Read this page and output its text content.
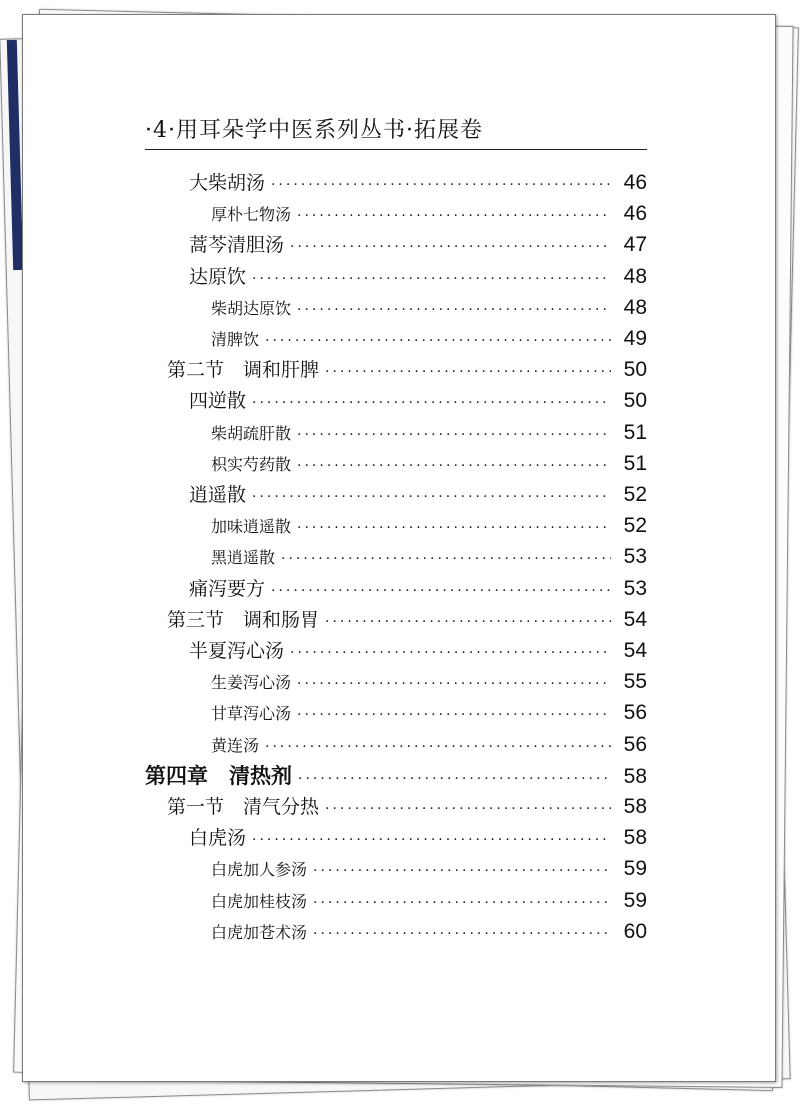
·4·用耳朵学中医系列丛书·拓展卷
大柴胡汤 ·····	46
厚朴七物汤 ·····	46
蒿芩清胆汤 ·····	47
达原饮 ·····	48
柴胡达原饮 ·····	48
清脾饮 ·····	49
第二节　调和肝脾 ·····	50
四逆散 ·····	50
柴胡疏肝散 ·····	51
枳实芍药散 ·····	51
逍遥散 ·····	52
加味逍遥散 ·····	52
黑逍遥散 ·····	53
痛泻要方 ·····	53
第三节　调和肠胃 ·····	54
半夏泻心汤 ·····	54
生姜泻心汤 ·····	55
甘草泻心汤 ·····	56
黄连汤 ·····	56
第四章　清热剂 ·····	58
第一节　清气分热 ·····	58
白虎汤 ·····	58
白虎加人参汤 ·····	59
白虎加桂枝汤 ·····	59
白虎加苍术汤 ·····	60
